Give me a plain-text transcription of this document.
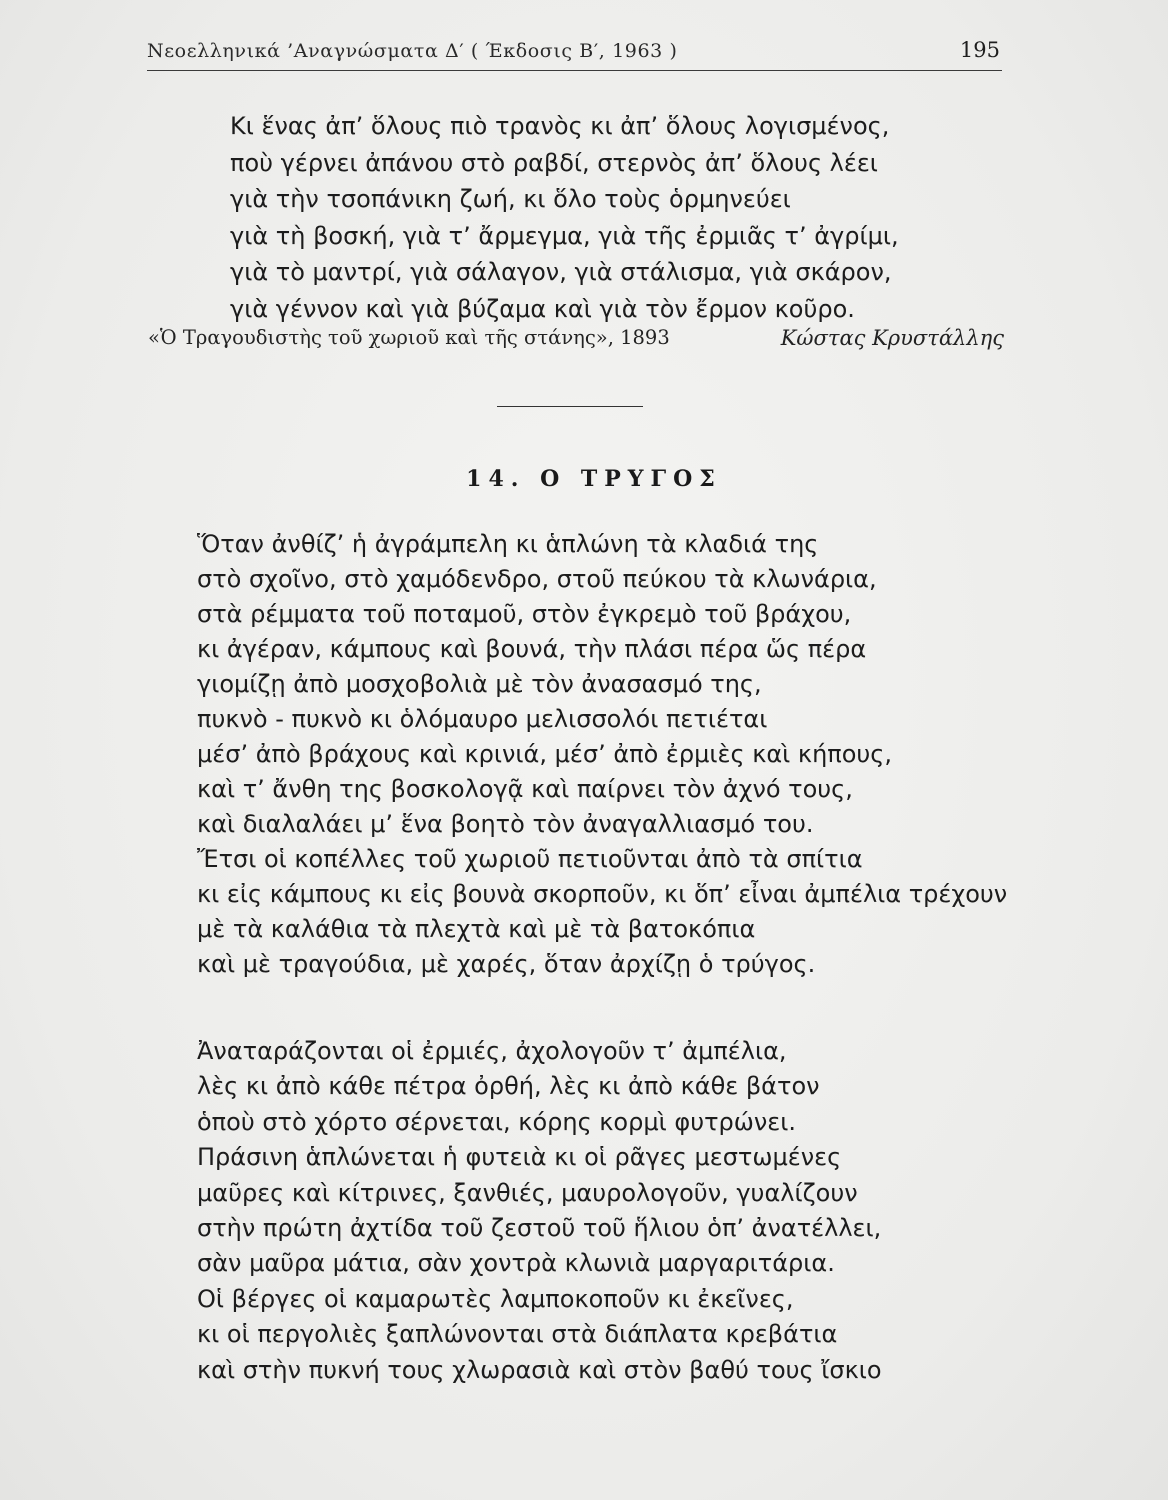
Νεοελληνικά ’Αναγνώσματα Δ′ ( Έκδοσις Β′, 1963 )	195
Κι ἕνας ἀπ’ ὅλους πιὸ τρανὸς κι ἀπ’ ὅλους λογισμένος,
ποὺ γέρνει ἀπάνου στὸ ραβδί, στερνὸς ἀπ’ ὅλους λέει
γιὰ τὴν τσοπάνικη ζωή, κι ὅλο τοὺς ὁρμηνεύει
γιὰ τὴ βοσκή, γιὰ τ’ ἄρμεγμα, γιὰ τῆς ἐρμιᾶς τ’ ἀγρίμι,
γιὰ τὸ μαντρί, γιὰ σάλαγον, γιὰ στάλισμα, γιὰ σκάρον,
γιὰ γέννον καὶ γιὰ βύζαμα καὶ γιὰ τὸν ἔρμον κοῦρο.
«Ὁ Τραγουδιστὴς τοῦ χωριοῦ καὶ τῆς στάνης», 1893	Κώστας Κρυστάλλης
14. Ο ΤΡΥΓΟΣ
Ὅταν ἀνθίζ’ ἡ ἀγράμπελη κι ἁπλώνη τὰ κλαδιά της
στὸ σχοῖνο, στὸ χαμόδενδρο, στοῦ πεύκου τὰ κλωνάρια,
στὰ ρέμματα τοῦ ποταμοῦ, στὸν ἐγκρεμὸ τοῦ βράχου,
κι ἀγέραν, κάμπους καὶ βουνά, τὴν πλάσι πέρα ὥς πέρα
γιομίζῃ ἀπὸ μοσχοβολιὰ μὲ τὸν ἀνασασμό της,
πυκνὸ - πυκνὸ κι ὁλόμαυρο μελισσολόι πετιέται
μέσ’ ἀπὸ βράχους καὶ κρινιά, μέσ’ ἀπὸ ἐρμιὲς καὶ κήπους,
καὶ τ’ ἄνθη της βοσκολογᾷ καὶ παίρνει τὸν ἀχνό τους,
καὶ διαλαλάει μ’ ἕνα βοητὸ τὸν ἀναγαλλιασμό του.
Ἔτσι οἱ κοπέλλες τοῦ χωριοῦ πετιοῦνται ἀπὸ τὰ σπίτια
κι εἰς κάμπους κι εἰς βουνὰ σκορποῦν, κι ὅπ’ εἶναι ἀμπέλια τρέχουν
μὲ τὰ καλάθια τὰ πλεχτὰ καὶ μὲ τὰ βατοκόπια
καὶ μὲ τραγούδια, μὲ χαρές, ὅταν ἀρχίζῃ ὁ τρύγος.
Ἀναταράζονται οἱ ἐρμιές, ἀχολογοῦν τ’ ἀμπέλια,
λὲς κι ἀπὸ κάθε πέτρα ὀρθή, λὲς κι ἀπὸ κάθε βάτον
ὁποὺ στὸ χόρτο σέρνεται, κόρης κορμὶ φυτρώνει.
Πράσινη ἁπλώνεται ἡ φυτειὰ κι οἱ ρᾶγες μεστωμένες
μαῦρες καὶ κίτρινες, ξανθιές, μαυρολογοῦν, γυαλίζουν
στὴν πρώτη ἀχτίδα τοῦ ζεστοῦ τοῦ ἥλιου ὁπ’ ἀνατέλλει,
σὰν μαῦρα μάτια, σὰν χοντρὰ κλωνιὰ μαργαριτάρια.
Οἱ βέργες οἱ καμαρωτὲς λαμποκοποῦν κι ἐκεῖνες,
κι οἱ περγολιὲς ξαπλώνονται στὰ διάπλατα κρεβάτια
καὶ στὴν πυκνή τους χλωρασιὰ καὶ στὸν βαθύ τους ἴσκιο
